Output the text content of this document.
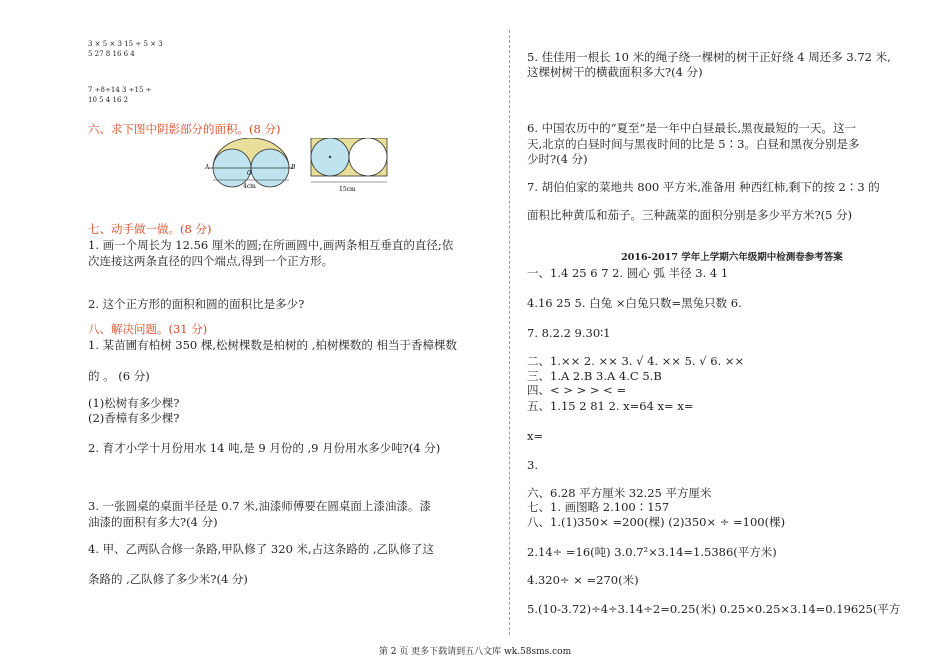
3 × 5 × 3 15 ÷ 5 × 3
5 27 8 16 6 4
7 ÷8÷14 3 ÷15 ÷
10 5 4 16 2
六、求下图中阴影部分的面积。(8 分)
A
O
B
4cm	15cm
七、动手做一做。(8 分)
1. 画一个周长为 12.56 厘米的圆;在所画圆中,画两条相互垂直的直径;依
次连接这两条直径的四个端点,得到一个正方形。
2. 这个正方形的面积和圆的面积比是多少?
八、解决问题。(31 分)
1. 某苗圃有柏树 350 棵,松树棵数是柏树的 ,柏树棵数的 相当于香樟棵数
的 。 (6 分)
(1)松树有多少棵?
(2)香樟有多少棵?
2. 育才小学十月份用水 14 吨,是 9 月份的 ,9 月份用水多少吨?(4 分)
3. 一张圆桌的桌面半径是 0.7 米,油漆师傅要在圆桌面上漆油漆。漆
油漆的面积有多大?(4 分)
4. 甲、乙两队合修一条路,甲队修了 320 米,占这条路的 ,乙队修了这
条路的 ,乙队修了多少米?(4 分)
5. 佳佳用一根长 10 米的绳子绕一棵树的树干正好绕 4 周还多 3.72 米,
这棵树树干的横截面积多大?(4 分)
6. 中国农历中的“夏至”是一年中白昼最长,黑夜最短的一天。这一
天,北京的白昼时间与黑夜时间的比是 5∶3。白昼和黑夜分别是多
少时?(4 分)
7. 胡伯伯家的菜地共 800 平方米,准备用 种西红柿,剩下的按 2∶3 的
面积比种黄瓜和茄子。三种蔬菜的面积分别是多少平方米?(5 分)
2016-2017 学年上学期六年级期中检测卷参考答案
一、1.4 25 6 7 2. 圆心 弧 半径 3. 4 1
4.16 25 5. 白兔 ×白兔只数=黑兔只数 6.
7. 8.2.2 9.30∶1
二、1.×× 2. ×× 3. √ 4. ×× 5. √ 6. ××
三、1.A 2.B 3.A 4.C 5.B
四、< > > > < =
五、1.15 2 81 2. x=64 x= x=
x=
3.
六、6.28 平方厘米 32.25 平方厘米
七、1. 画图略 2.100∶157
八、1.(1)350× =200(棵) (2)350× ÷ =100(棵)
2.14÷ =16(吨) 3.0.7²×3.14=1.5386(平方米)
4.320÷ × =270(米)
5.(10-3.72)÷4÷3.14÷2=0.25(米) 0.25×0.25×3.14=0.19625(平方
第 2 页 更多下载请到五八文库 wk.58sms.com
